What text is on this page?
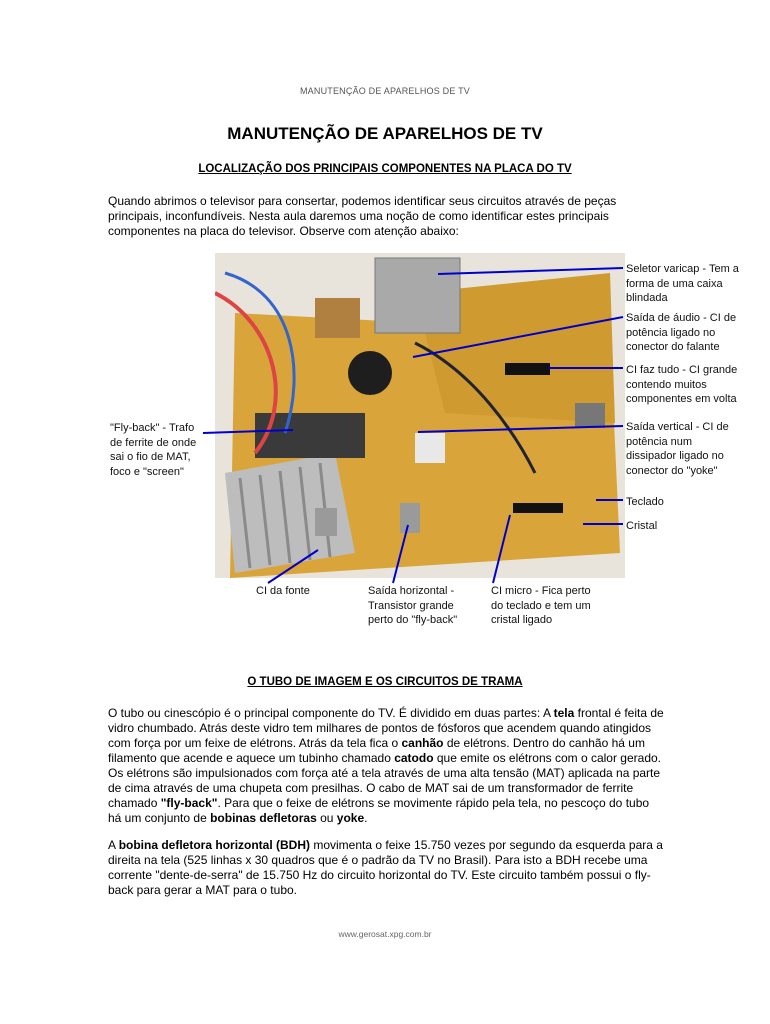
MANUTENÇÃO DE APARELHOS DE TV
MANUTENÇÃO DE APARELHOS DE TV
LOCALIZAÇÃO DOS PRINCIPAIS COMPONENTES NA PLACA DO TV

Quando abrimos o televisor para consertar, podemos identificar seus circuitos através de peças principais, inconfundíveis. Nesta aula daremos uma noção de como identificar estes principais componentes na placa do televisor. Observe com atenção abaixo:

Seletor varicap - Tem a
forma de uma caixa
blindada
Saída de áudio - CI de
potência ligado no
conector do falante
CI faz tudo - CI grande
contendo muitos
componentes em volta
Saída vertical - CI de
potência num
dissipador ligado no
conector do "yoke"
Teclado
Cristal
"Fly-back" - Trafo
de ferrite de onde
sai o fio de MAT,
foco e "screen"
CI da fonte	Saída horizontal -
Transistor grande
perto do "fly-back"
CI micro - Fica perto
do teclado e tem um
cristal ligado
O TUBO DE IMAGEM E OS CIRCUITOS DE TRAMA

O tubo ou cinescópio é o principal componente do TV. É dividido em duas partes: A tela frontal é feita de vidro chumbado. Atrás deste vidro tem milhares de pontos de fósforos que acendem quando atingidos com força por um feixe de elétrons. Atrás da tela fica o canhão de elétrons. Dentro do canhão há um filamento que acende e aquece um tubinho chamado catodo que emite os elétrons com o calor gerado. Os elétrons são impulsionados com força até a tela através de uma alta tensão (MAT) aplicada na parte de cima através de uma chupeta com presilhas. O cabo de MAT sai de um transformador de ferrite chamado "fly-back". Para que o feixe de elétrons se movimente rápido pela tela, no pescoço do tubo há um conjunto de bobinas defletoras ou yoke.

A bobina defletora horizontal (BDH) movimenta o feixe 15.750 vezes por segundo da esquerda para a direita na tela (525 linhas x 30 quadros que é o padrão da TV no Brasil). Para isto a BDH recebe uma corrente "dente-de-serra" de 15.750 Hz do circuito horizontal do TV. Este circuito também possui o fly-back para gerar a MAT para o tubo.

www.gerosat.xpg.com.br
